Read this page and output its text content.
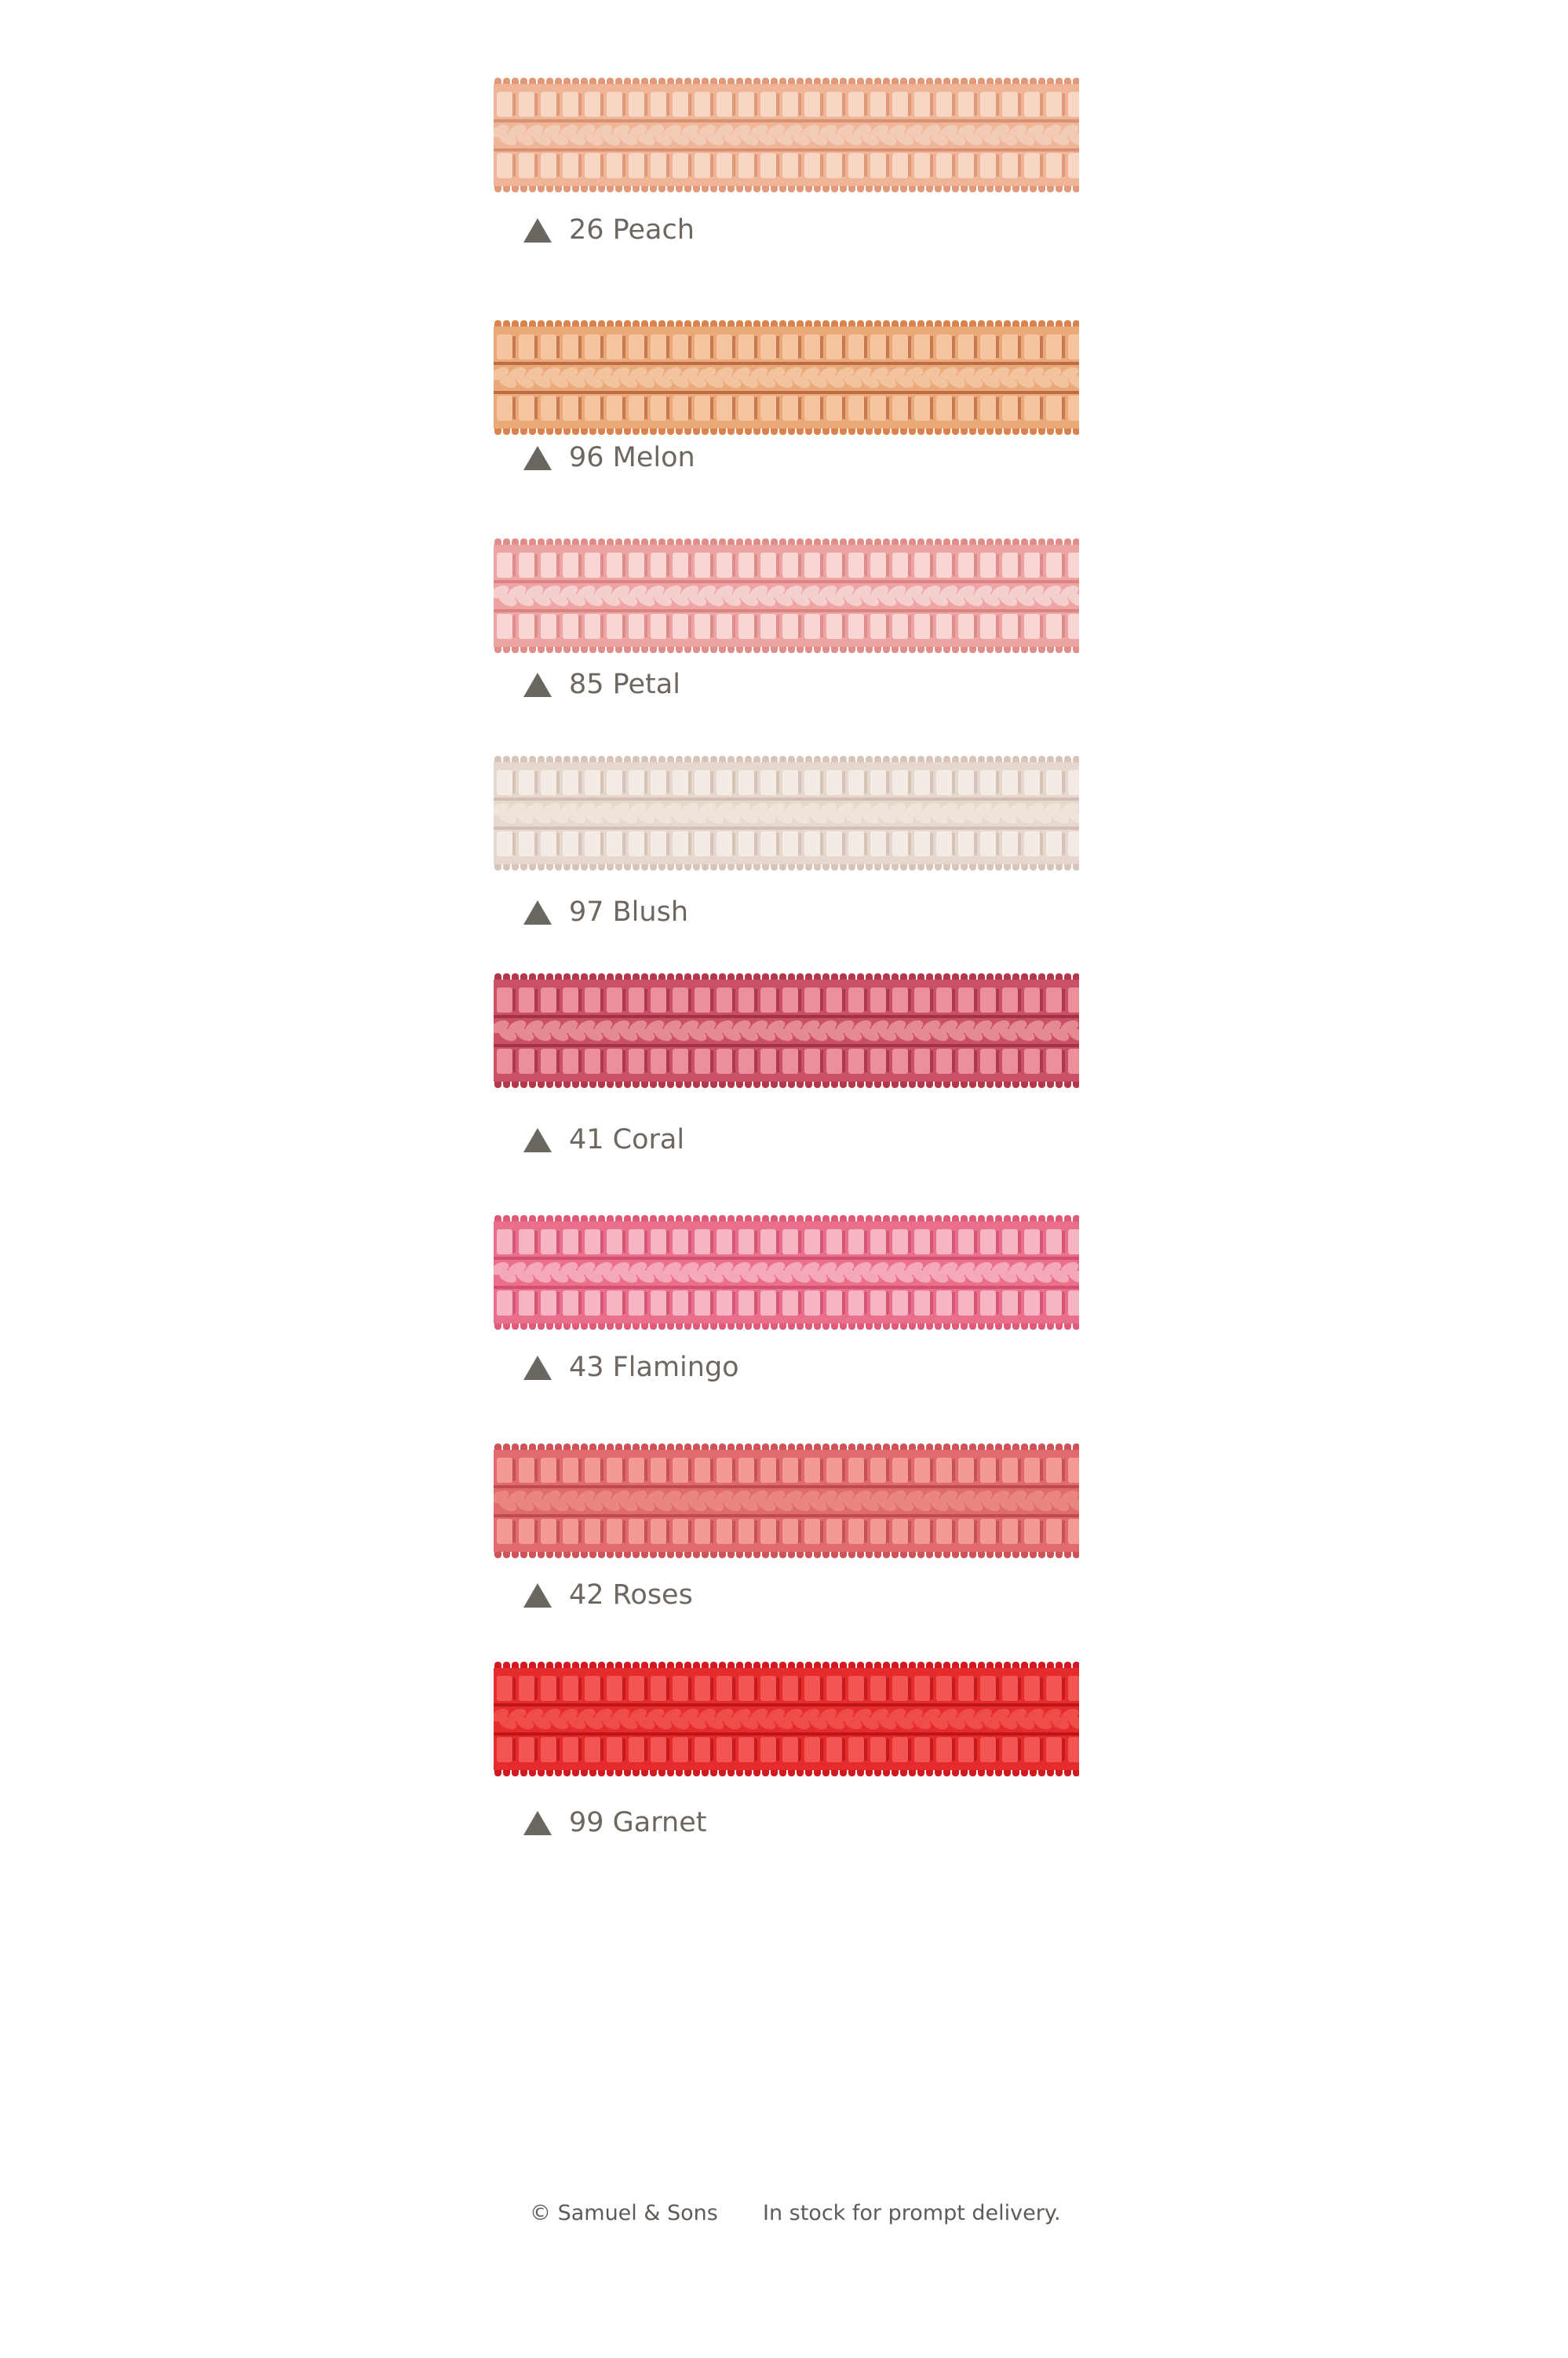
26 Peach
96 Melon
85 Petal
97 Blush
41 Coral
43 Flamingo
42 Roses
99 Garnet
© Samuel & Sons In stock for prompt delivery.
